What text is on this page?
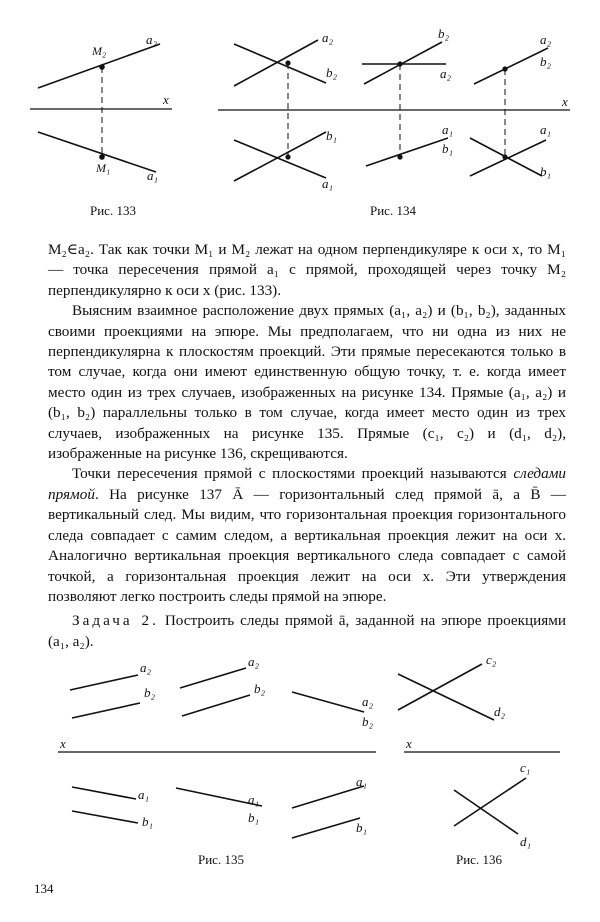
a₂
M₂
x
M₁	a₁
x
a₂
b₂
b₁
a₁
b₂
a₂
a₁
b₁
a₂
b₂
a₁
b₁
x
a₂
b₂
a₁
b₁
a₂
b₂
a₁
b₁
a₂
b₂
a₁
b₁
x
c₂
d₂
c₁
d₁
Рис. 133	Рис. 134

M₂∈a₂. Так как точки M₁ и M₂ лежат на одном перпендикуляре к оси x, то M₁ — точка пересечения прямой a₁ с прямой, проходящей через точку M₂ перпендикулярно к оси x (рис. 133).

Выясним взаимное расположение двух прямых (a₁, a₂) и (b₁, b₂), заданных своими проекциями на эпюре. Мы предполагаем, что ни одна из них не перпендикулярна к плоскостям проекций. Эти прямые пересекаются только в том случае, когда они имеют единственную общую точку, т. е. когда имеет место один из трех случаев, изображенных на рисунке 134. Прямые (a₁, a₂) и (b₁, b₂) параллельны только в том случае, когда имеет место один из трех случаев, изображенных на рисунке 135. Прямые (c₁, c₂) и (d₁, d₂), изображенные на рисунке 136, скрещиваются.

Точки пересечения прямой с плоскостями проекций называются следами прямой. На рисунке 137 Ā — горизонтальный след прямой ā, а B̄ — вертикальный след. Мы видим, что горизонтальная проекция горизонтального следа совпадает с самим следом, а вертикальная проекция лежит на оси x. Аналогично вертикальная проекция вертикального следа совпадает с самой точкой, а горизонтальная проекция лежит на оси x. Эти утверждения позволяют легко построить следы прямой на эпюре.

Задача 2. Построить следы прямой ā, заданной на эпюре проекциями (a₁, a₂).

Рис. 135	Рис. 136
134
